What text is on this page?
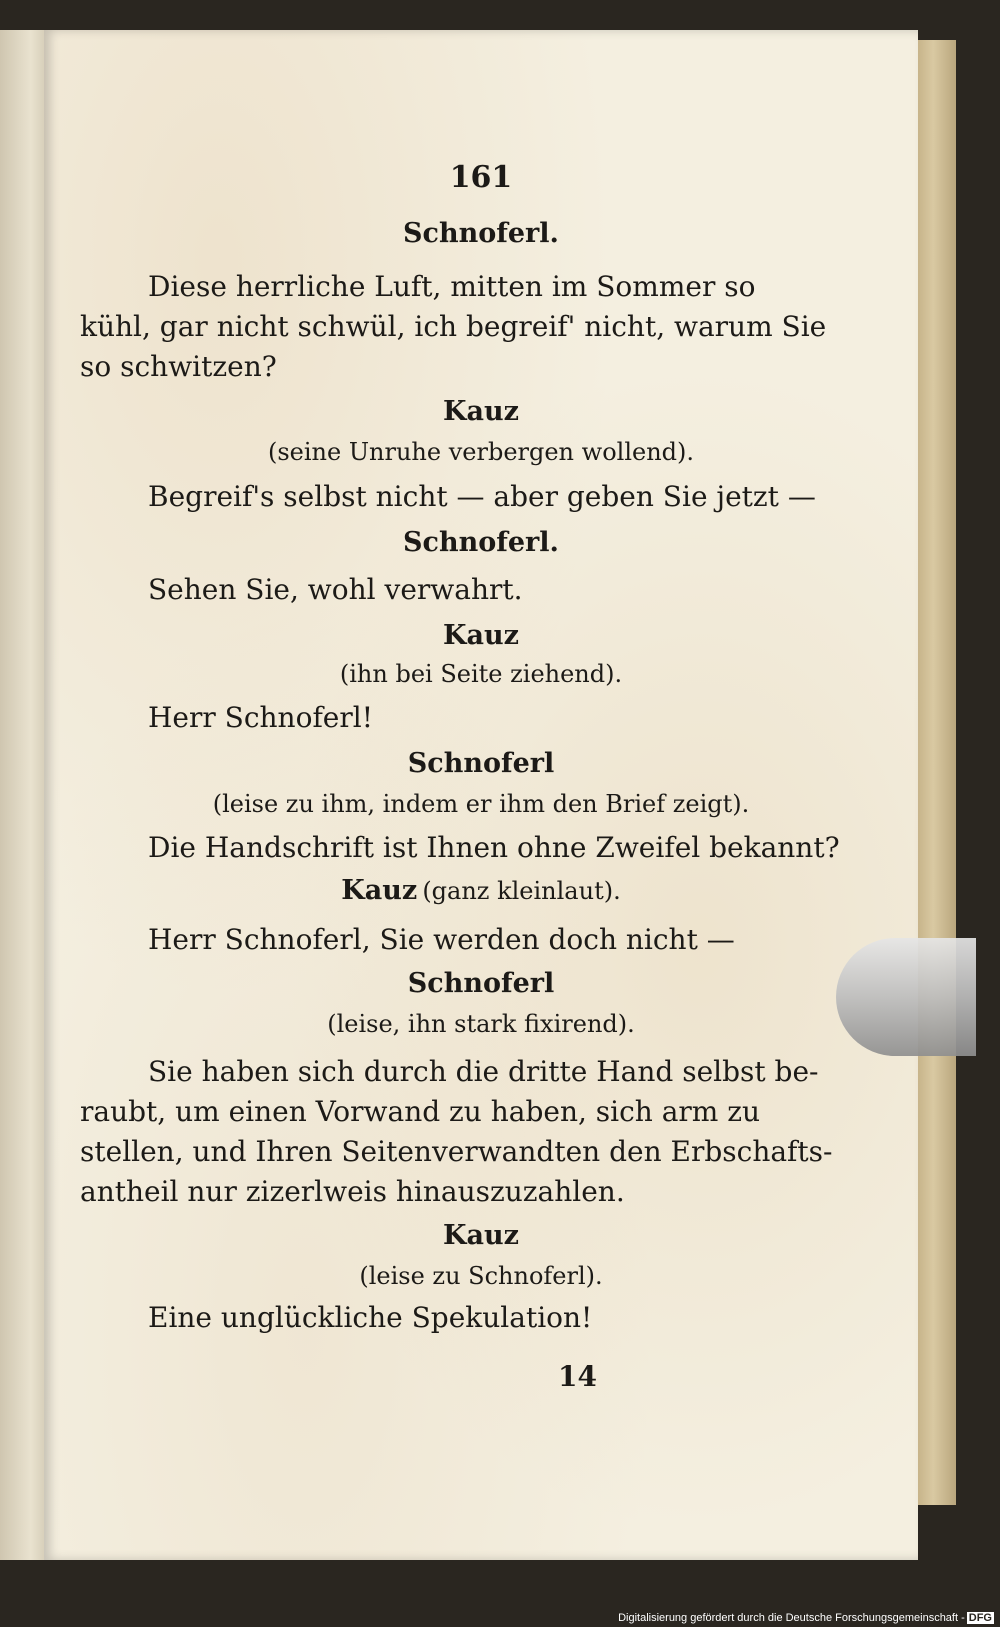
161
Schnoferl.
Diese herrliche Luft, mitten im Sommer so
kühl, gar nicht schwül, ich begreif' nicht, warum Sie
so schwitzen?
Kauz
(seine Unruhe verbergen wollend).
Begreif's selbst nicht — aber geben Sie jetzt —
Schnoferl.
Sehen Sie, wohl verwahrt.
Kauz
(ihn bei Seite ziehend).
Herr Schnoferl!
Schnoferl
(leise zu ihm, indem er ihm den Brief zeigt).
Die Handschrift ist Ihnen ohne Zweifel bekannt?
Kauz (ganz kleinlaut).
Herr Schnoferl, Sie werden doch nicht —
Schnoferl
(leise, ihn stark fixirend).
Sie haben sich durch die dritte Hand selbst be-
raubt, um einen Vorwand zu haben, sich arm zu
stellen, und Ihren Seitenverwandten den Erbschafts-
antheil nur zizerlweis hinauszuzahlen.
Kauz
(leise zu Schnoferl).
Eine unglückliche Spekulation!
14
Digitalisierung gefördert durch die Deutsche Forschungsgemeinschaft - DFG
